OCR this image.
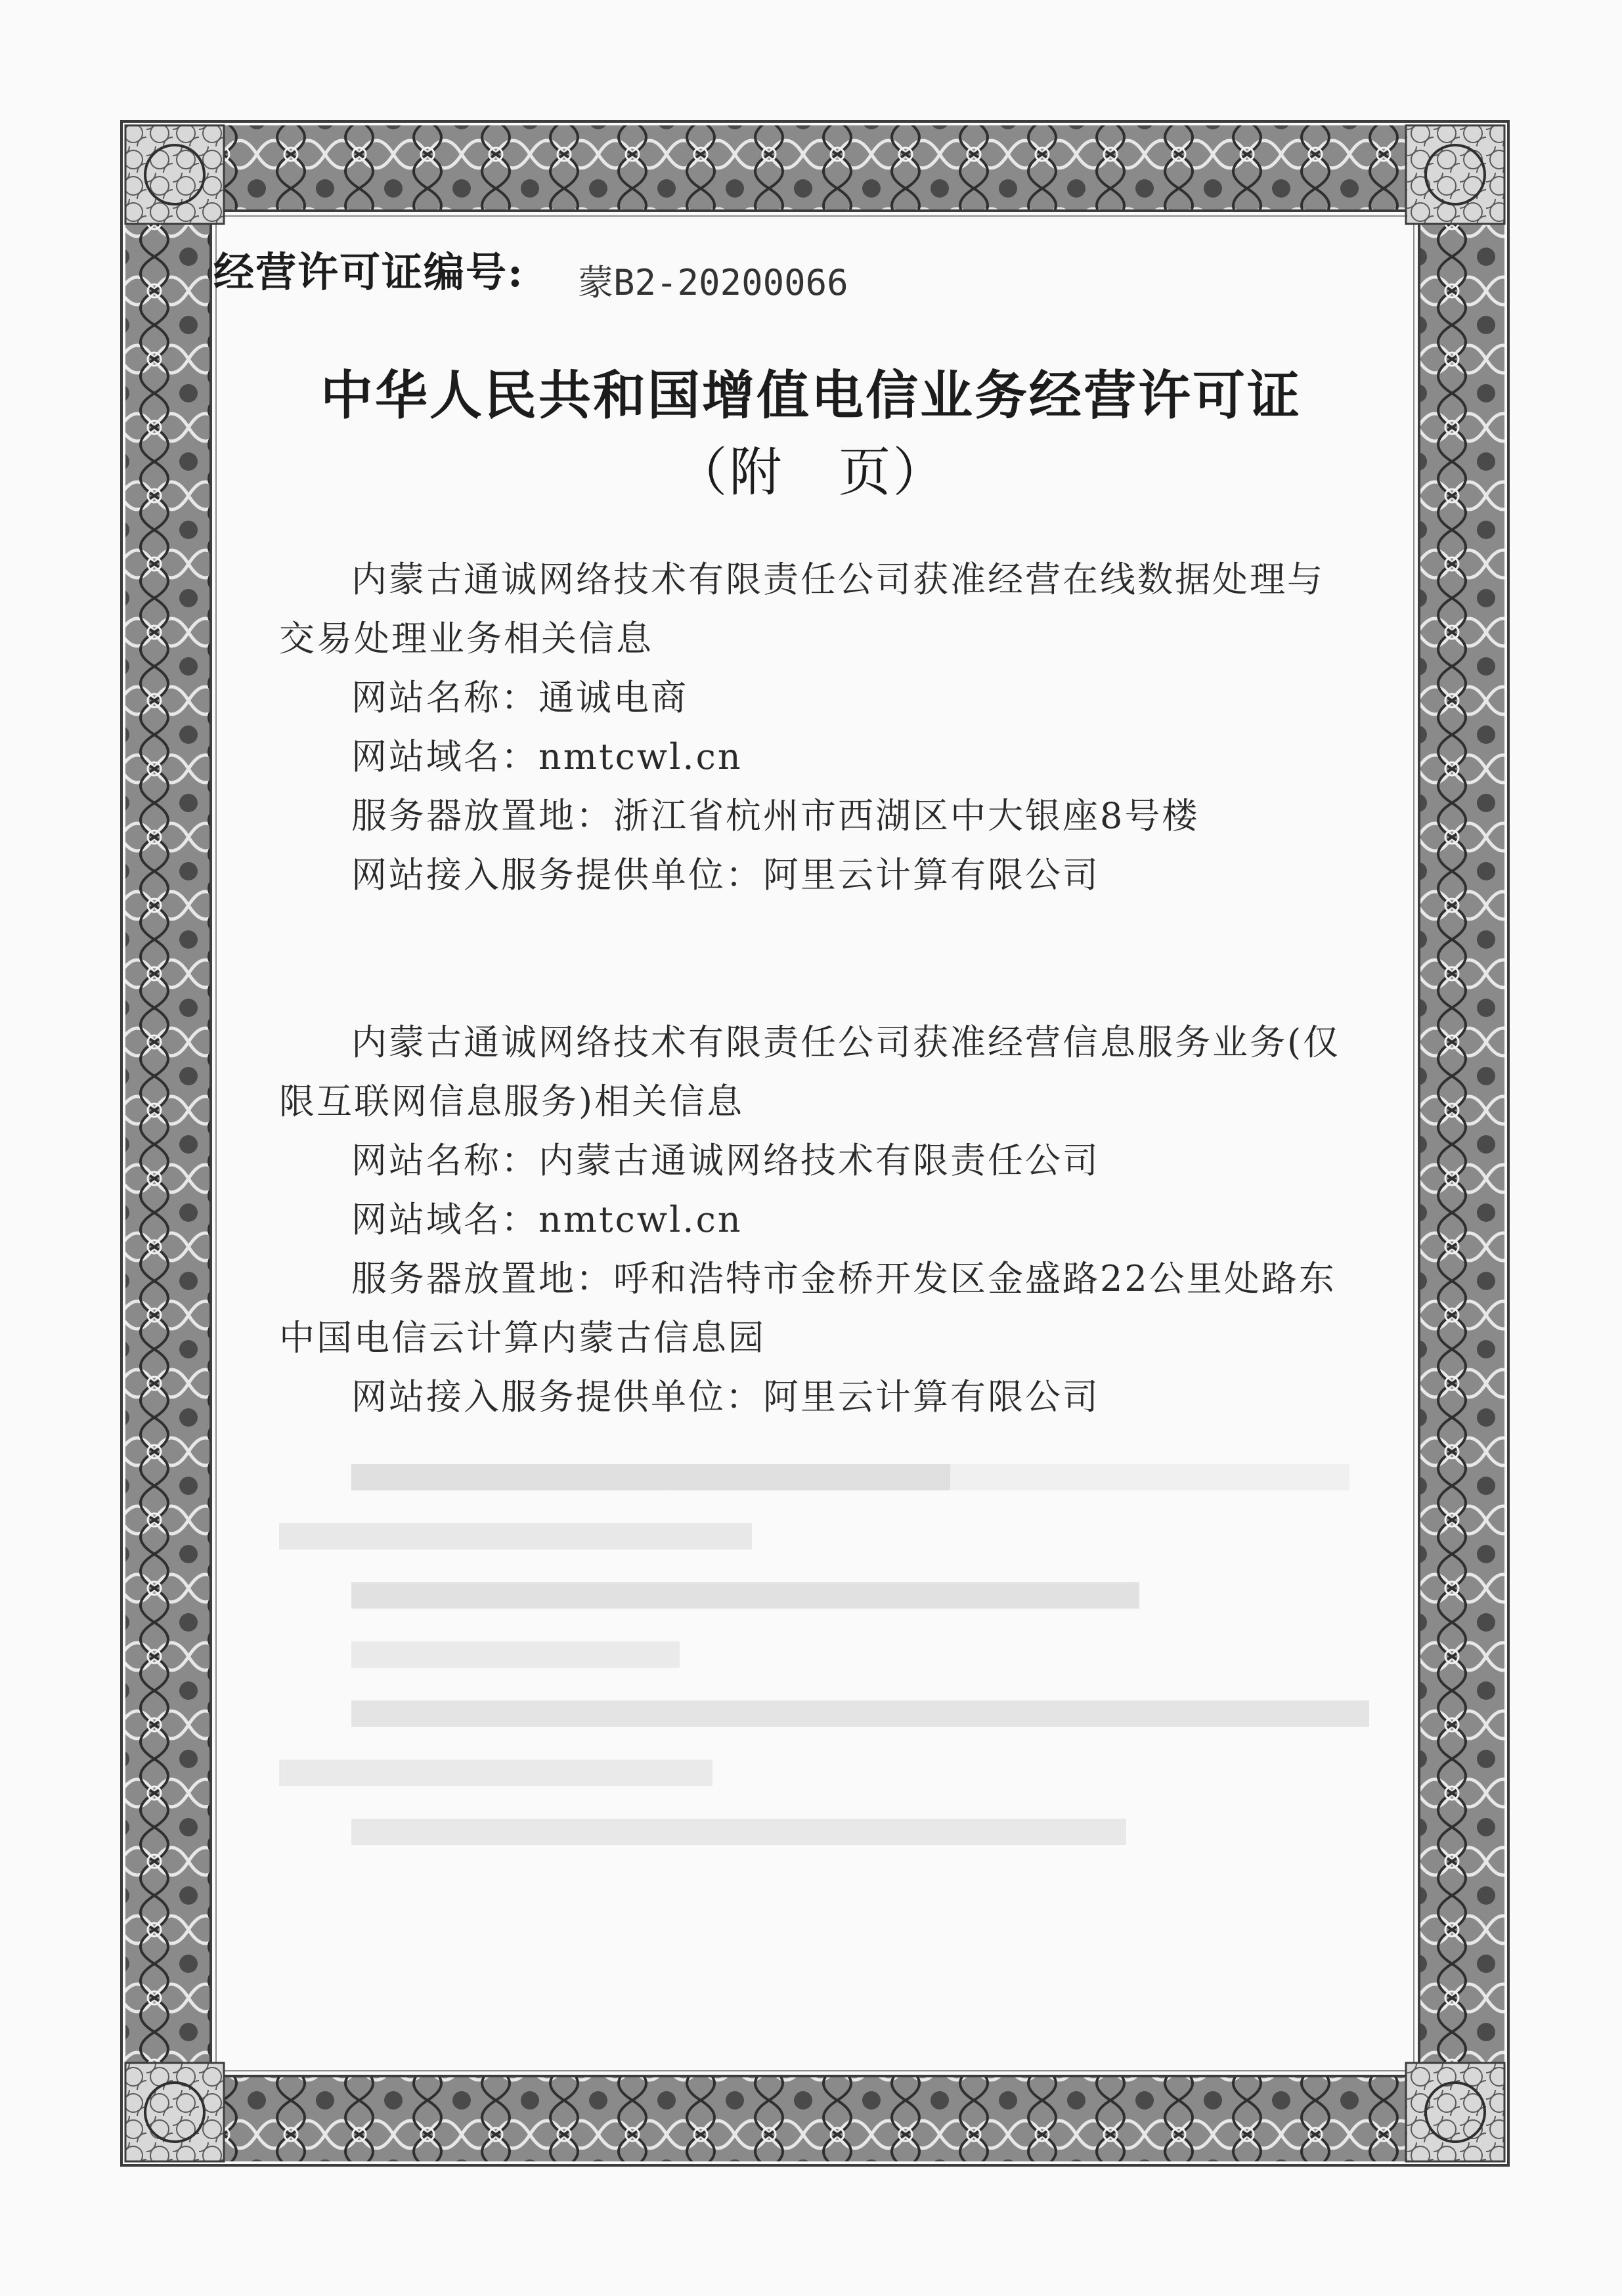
经营许可证编号: 蒙B2-20200066
中华人民共和国增值电信业务经营许可证
（附　页）
内蒙古通诚网络技术有限责任公司获准经营在线数据处理与
交易处理业务相关信息
网站名称：通诚电商
网站域名：nmtcwl.cn
服务器放置地：浙江省杭州市西湖区中大银座8号楼
网站接入服务提供单位：阿里云计算有限公司
内蒙古通诚网络技术有限责任公司获准经营信息服务业务(仅
限互联网信息服务)相关信息
网站名称：内蒙古通诚网络技术有限责任公司
网站域名：nmtcwl.cn
服务器放置地：呼和浩特市金桥开发区金盛路22公里处路东
中国电信云计算内蒙古信息园
网站接入服务提供单位：阿里云计算有限公司
